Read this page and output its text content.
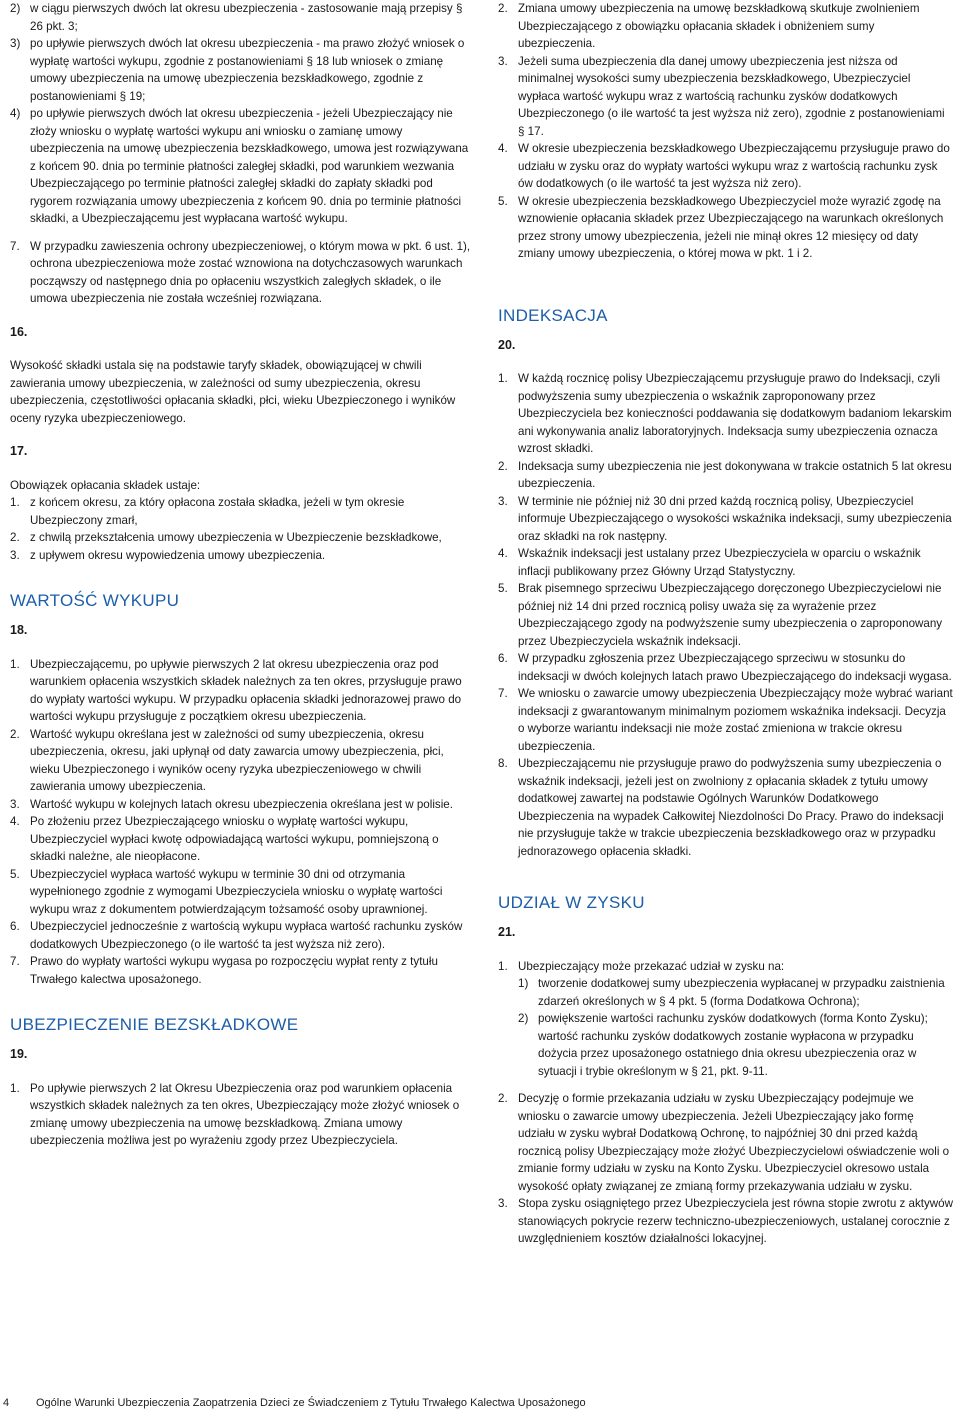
2) w ciągu pierwszych dwóch lat okresu ubezpieczenia - zastosowanie mają przepisy § 26 pkt. 3;

3) po upływie pierwszych dwóch lat okresu ubezpieczenia - ma prawo złożyć wniosek o wypłatę wartości wykupu, zgodnie z postanowieniami § 18 lub wniosek o zmianę umowy ubezpieczenia na umowę ubezpieczenia bezskładkowego, zgodnie z postanowieniami § 19;

4) po upływie pierwszych dwóch lat okresu ubezpieczenia - jeżeli Ubezpieczający nie złoży wniosku o wypłatę wartości wykupu ani wniosku o zamianę umowy ubezpieczenia na umowę ubezpieczenia bezskładkowego, umowa jest rozwiązywana z końcem 90. dnia po terminie płatności zaległej składki, pod warunkiem wezwania Ubezpieczającego po terminie płatności zaległej składki do zapłaty składki pod rygorem rozwiązania umowy ubezpieczenia z końcem 90. dnia po terminie płatności składki, a Ubezpieczającemu jest wypłacana wartość wykupu.

7. W przypadku zawieszenia ochrony ubezpieczeniowej, o którym mowa w pkt. 6 ust. 1), ochrona ubezpieczeniowa może zostać wznowiona na dotychczasowych warunkach począwszy od następnego dnia po opłaceniu wszystkich zaległych składek, o ile umowa ubezpieczenia nie została wcześniej rozwiązana.

16.

Wysokość składki ustala się na podstawie taryfy składek, obowiązującej w chwili zawierania umowy ubezpieczenia, w zależności od sumy ubezpieczenia, okresu ubezpieczenia, częstotliwości opłacania składki, płci, wieku Ubezpieczonego i wyników oceny ryzyka ubezpieczeniowego.

17.

Obowiązek opłacania składek ustaje:

1. z końcem okresu, za który opłacona została składka, jeżeli w tym okresie Ubezpieczony zmarł,

2. z chwilą przekształcenia umowy ubezpieczenia w Ubezpieczenie bezskładkowe,

3. z upływem okresu wypowiedzenia umowy ubezpieczenia.

WARTOŚĆ WYKUPU

18.

1. Ubezpieczającemu, po upływie pierwszych 2 lat okresu ubezpieczenia oraz pod warunkiem opłacenia wszystkich składek należnych za ten okres, przysługuje prawo do wypłaty wartości wykupu. W przypadku opłacenia składki jednorazowej prawo do wartości wykupu przysługuje z początkiem okresu ubezpieczenia.

2. Wartość wykupu określana jest w zależności od sumy ubezpieczenia, okresu ubezpieczenia, okresu, jaki upłynął od daty zawarcia umowy ubezpieczenia, płci, wieku Ubezpieczonego i wyników oceny ryzyka ubezpieczeniowego w chwili zawierania umowy ubezpieczenia.

3. Wartość wykupu w kolejnych latach okresu ubezpieczenia określana jest w polisie.

4. Po złożeniu przez Ubezpieczającego wniosku o wypłatę wartości wykupu, Ubezpieczyciel wypłaci kwotę odpowiadającą wartości wykupu, pomniejszoną o składki należne, ale nieopłacone.

5. Ubezpieczyciel wypłaca wartość wykupu w terminie 30 dni od otrzymania wypełnionego zgodnie z wymogami Ubezpieczyciela wniosku o wypłatę wartości wykupu wraz z dokumentem potwierdzającym tożsamość osoby uprawnionej.

6. Ubezpieczyciel jednocześnie z wartością wykupu wypłaca wartość rachunku zysków dodatkowych Ubezpieczonego (o ile wartość ta jest wyższa niż zero).

7. Prawo do wypłaty wartości wykupu wygasa po rozpoczęciu wypłat renty z tytułu Trwałego kalectwa uposażonego.

UBEZPIECZENIE BEZSKŁADKOWE

19.

1. Po upływie pierwszych 2 lat Okresu Ubezpieczenia oraz pod warunkiem opłacenia wszystkich składek należnych za ten okres, Ubezpieczający może złożyć wniosek o zmianę umowy ubezpieczenia na umowę bezskładkową. Zmiana umowy ubezpieczenia możliwa jest po wyrażeniu zgody przez Ubezpieczyciela.

2. Zmiana umowy ubezpieczenia na umowę bezskładkową skutkuje zwolnieniem Ubezpieczającego z obowiązku opłacania składek i obniżeniem sumy ubezpieczenia.

3. Jeżeli suma ubezpieczenia dla danej umowy ubezpieczenia jest niższa od minimalnej wysokości sumy ubezpieczenia bezskładkowego, Ubezpieczyciel wypłaca wartość wykupu wraz z wartością rachunku zysków dodatkowych Ubezpieczonego (o ile wartość ta jest wyższa niż zero), zgodnie z postanowieniami § 17.

4. W okresie ubezpieczenia bezskładkowego Ubezpieczającemu przysługuje prawo do udziału w zysku oraz do wypłaty wartości wykupu wraz z wartością rachunku zysk ów dodatkowych (o ile wartość ta jest wyższa niż zero).

5. W okresie ubezpieczenia bezskładkowego Ubezpieczyciel może wyrazić zgodę na wznowienie opłacania składek przez Ubezpieczającego na warunkach określonych przez strony umowy ubezpieczenia, jeżeli nie minął okres 12 miesięcy od daty zmiany umowy ubezpieczenia, o której mowa w pkt. 1 i 2.

INDEKSACJA

20.

1. W każdą rocznicę polisy Ubezpieczającemu przysługuje prawo do Indeksacji, czyli podwyższenia sumy ubezpieczenia o wskaźnik zaproponowany przez Ubezpieczyciela bez konieczności poddawania się dodatkowym badaniom lekarskim ani wykonywania analiz laboratoryjnych. Indeksacja sumy ubezpieczenia oznacza wzrost składki.

2. Indeksacja sumy ubezpieczenia nie jest dokonywana w trakcie ostatnich 5 lat okresu ubezpieczenia.

3. W terminie nie później niż 30 dni przed każdą rocznicą polisy, Ubezpieczyciel informuje Ubezpieczającego o wysokości wskaźnika indeksacji, sumy ubezpieczenia oraz składki na rok następny.

4. Wskaźnik indeksacji jest ustalany przez Ubezpieczyciela w oparciu o wskaźnik inflacji publikowany przez Główny Urząd Statystyczny.

5. Brak pisemnego sprzeciwu Ubezpieczającego doręczonego Ubezpieczycielowi nie później niż 14 dni przed rocznicą polisy uważa się za wyrażenie przez Ubezpieczającego zgody na podwyższenie sumy ubezpieczenia o zaproponowany przez Ubezpieczyciela wskaźnik indeksacji.

6. W przypadku zgłoszenia przez Ubezpieczającego sprzeciwu w stosunku do indeksacji w dwóch kolejnych latach prawo Ubezpieczającego do indeksacji wygasa.

7. We wniosku o zawarcie umowy ubezpieczenia Ubezpieczający może wybrać wariant indeksacji z gwarantowanym minimalnym poziomem wskaźnika indeksacji. Decyzja o wyborze wariantu indeksacji nie może zostać zmieniona w trakcie okresu ubezpieczenia.

8. Ubezpieczającemu nie przysługuje prawo do podwyższenia sumy ubezpieczenia o wskaźnik indeksacji, jeżeli jest on zwolniony z opłacania składek z tytułu umowy dodatkowej zawartej na podstawie Ogólnych Warunków Dodatkowego Ubezpieczenia na wypadek Całkowitej Niezdolności Do Pracy. Prawo do indeksacji nie przysługuje także w trakcie ubezpieczenia bezskładkowego oraz w przypadku jednorazowego opłacenia składki.

UDZIAŁ W ZYSKU

21.

1. Ubezpieczający może przekazać udział w zysku na:

1) tworzenie dodatkowej sumy ubezpieczenia wypłacanej w przypadku zaistnienia zdarzeń określonych w § 4 pkt. 5 (forma Dodatkowa Ochrona);

2) powiększenie wartości rachunku zysków dodatkowych (forma Konto Zysku); wartość rachunku zysków dodatkowych zostanie wypłacona w przypadku dożycia przez uposażonego ostatniego dnia okresu ubezpieczenia oraz w sytuacji i trybie określonym w § 21, pkt. 9-11.

2. Decyzję o formie przekazania udziału w zysku Ubezpieczający podejmuje we wniosku o zawarcie umowy ubezpieczenia. Jeżeli Ubezpieczający jako formę udziału w zysku wybrał Dodatkową Ochronę, to najpóźniej 30 dni przed każdą rocznicą polisy Ubezpieczający może złożyć Ubezpieczycielowi oświadczenie woli o zmianie formy udziału w zysku na Konto Zysku. Ubezpieczyciel okresowo ustala wysokość opłaty związanej ze zmianą formy przekazywania udziału w zysku.

3. Stopa zysku osiągniętego przez Ubezpieczyciela jest równa stopie zwrotu z aktywów stanowiących pokrycie rezerw techniczno-ubezpieczeniowych, ustalanej corocznie z uwzględnieniem kosztów działalności lokacyjnej.

4 Ogólne Warunki Ubezpieczenia Zaopatrzenia Dzieci ze Świadczeniem z Tytułu Trwałego Kalectwa Uposażonego
